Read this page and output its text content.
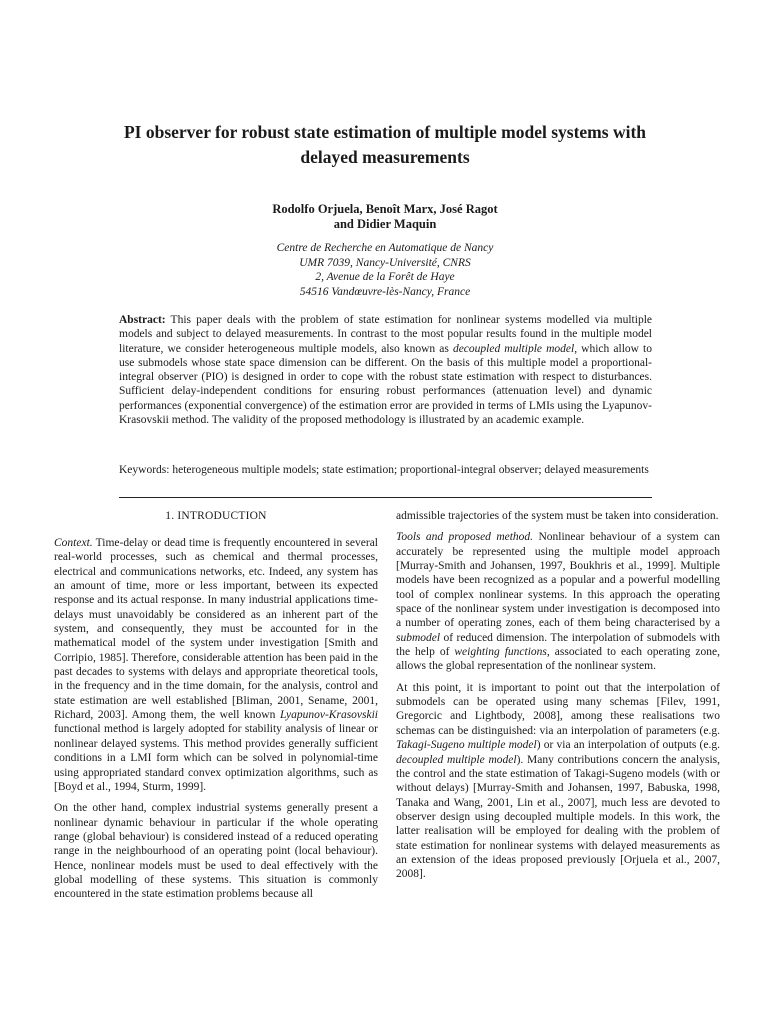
PI observer for robust state estimation of multiple model systems with delayed measurements
Rodolfo Orjuela, Benoît Marx, José Ragot
and Didier Maquin
Centre de Recherche en Automatique de Nancy
UMR 7039, Nancy-Université, CNRS
2, Avenue de la Forêt de Haye
54516 Vandœuvre-lès-Nancy, France
Abstract: This paper deals with the problem of state estimation for nonlinear systems modelled via multiple models and subject to delayed measurements. In contrast to the most popular results found in the multiple model literature, we consider heterogeneous multiple models, also known as decoupled multiple model, which allow to use submodels whose state space dimension can be different. On the basis of this multiple model a proportional-integral observer (PIO) is designed in order to cope with the robust state estimation with respect to disturbances. Sufficient delay-independent conditions for ensuring robust performances (attenuation level) and dynamic performances (exponential convergence) of the estimation error are provided in terms of LMIs using the Lyapunov-Krasovskii method. The validity of the proposed methodology is illustrated by an academic example.
Keywords: heterogeneous multiple models; state estimation; proportional-integral observer; delayed measurements
1. INTRODUCTION

Context. Time-delay or dead time is frequently encountered in several real-world processes, such as chemical and thermal processes, electrical and communications networks, etc. Indeed, any system has an amount of time, more or less important, between its expected response and its actual response. In many industrial applications time-delays must unavoidably be considered as an inherent part of the system, and consequently, they must be accounted for in the mathematical model of the system under investigation [Smith and Corripio, 1985]. Therefore, considerable attention has been paid in the past decades to systems with delays and appropriate theoretical tools, in the frequency and in the time domain, for the analysis, control and state estimation are well established [Bliman, 2001, Sename, 2001, Richard, 2003]. Among them, the well known Lyapunov-Krasovskii functional method is largely adopted for stability analysis of linear or nonlinear delayed systems. This method provides generally sufficient conditions in a LMI form which can be solved in polynomial-time using appropriated standard convex optimization algorithms, such as [Boyd et al., 1994, Sturm, 1999].

On the other hand, complex industrial systems generally present a nonlinear dynamic behaviour in particular if the whole operating range (global behaviour) is considered instead of a reduced operating range in the neighbourhood of an operating point (local behaviour). Hence, nonlinear models must be used to deal effectively with the global modelling of these systems. This situation is commonly encountered in the state estimation problems because all

admissible trajectories of the system must be taken into consideration.

Tools and proposed method. Nonlinear behaviour of a system can accurately be represented using the multiple model approach [Murray-Smith and Johansen, 1997, Boukhris et al., 1999]. Multiple models have been recognized as a popular and a powerful modelling tool of complex nonlinear systems. In this approach the operating space of the nonlinear system under investigation is decomposed into a number of operating zones, each of them being characterised by a submodel of reduced dimension. The interpolation of submodels with the help of weighting functions, associated to each operating zone, allows the global representation of the nonlinear system.

At this point, it is important to point out that the interpolation of submodels can be operated using many schemas [Filev, 1991, Gregorcic and Lightbody, 2008], among these realisations two schemas can be distinguished: via an interpolation of parameters (e.g. Takagi-Sugeno multiple model) or via an interpolation of outputs (e.g. decoupled multiple model). Many contributions concern the analysis, the control and the state estimation of Takagi-Sugeno models (with or without delays) [Murray-Smith and Johansen, 1997, Babuska, 1998, Tanaka and Wang, 2001, Lin et al., 2007], much less are devoted to observer design using decoupled multiple models. In this work, the latter realisation will be employed for dealing with the problem of state estimation for nonlinear systems with delayed measurements as an extension of the ideas proposed previously [Orjuela et al., 2007, 2008].
